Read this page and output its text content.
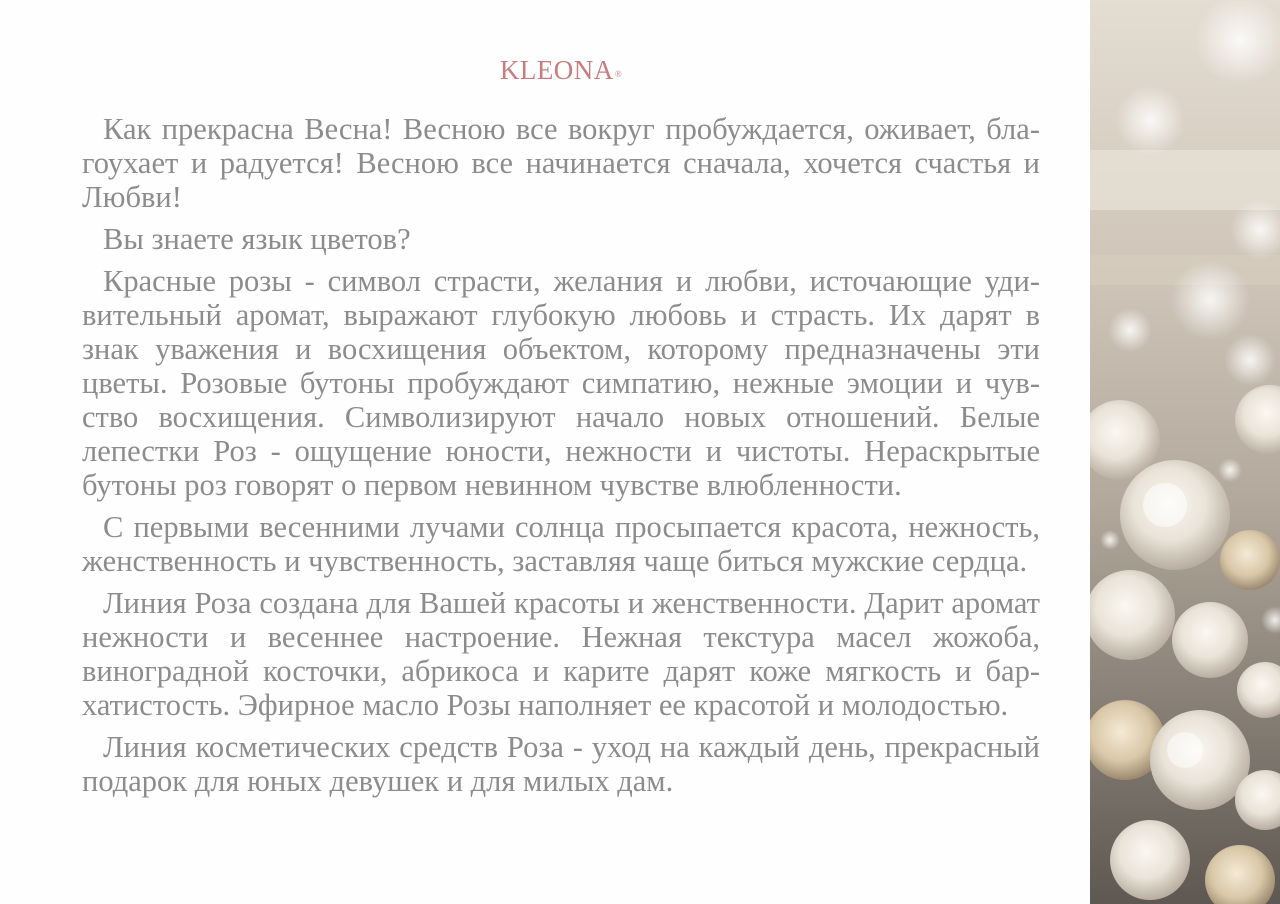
KLEONA®

Как прекрасна Весна! Весною все вокруг пробуждается, оживает, благоухает и радуется! Весною все начинается сначала, хочется счастья и Любви!

Вы знаете язык цветов?

Красные розы - символ страсти, желания и любви, источающие удивительный аромат, выражают глубокую любовь и страсть. Их дарят в знак уважения и восхищения объектом, которому предназначены эти цветы. Розовые бутоны пробуждают симпатию, нежные эмоции и чувство восхищения. Символизируют начало новых отношений. Белые лепестки Роз - ощущение юности, нежности и чистоты. Нераскрытые бутоны роз говорят о первом невинном чувстве влюбленности.

С первыми весенними лучами солнца просыпается красота, нежность, женственность и чувственность, заставляя чаще биться мужские сердца.

Линия Роза создана для Вашей красоты и женственности. Дарит аромат нежности и весеннее настроение. Нежная текстура масел жожоба, виноградной косточки, абрикоса и карите дарят коже мягкость и бархатистость. Эфирное масло Розы наполняет ее красотой и молодостью.

Линия косметических средств Роза - уход на каждый день, прекрасный подарок для юных девушек и для милых дам.
